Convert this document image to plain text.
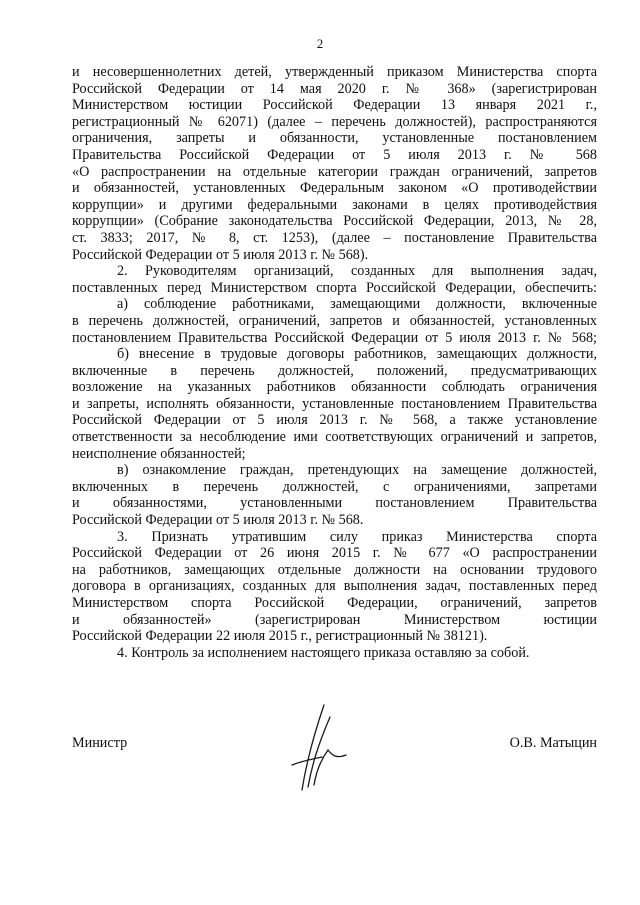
2
и несовершеннолетних детей, утвержденный приказом Министерства спорта
Российской Федерации от 14 мая 2020 г. № 368» (зарегистрирован
Министерством юстиции Российской Федерации 13 января 2021 г.,
регистрационный № 62071) (далее – перечень должностей), распространяются
ограничения, запреты и обязанности, установленные постановлением
Правительства Российской Федерации от 5 июля 2013 г. № 568
«О распространении на отдельные категории граждан ограничений, запретов
и обязанностей, установленных Федеральным законом «О противодействии
коррупции» и другими федеральными законами в целях противодействия
коррупции» (Собрание законодательства Российской Федерации, 2013, № 28,
ст. 3833; 2017, № 8, ст. 1253), (далее – постановление Правительства
Российской Федерации от 5 июля 2013 г. № 568).
2. Руководителям организаций, созданных для выполнения задач,
поставленных перед Министерством спорта Российской Федерации, обеспечить:
а) соблюдение работниками, замещающими должности, включенные
в перечень должностей, ограничений, запретов и обязанностей, установленных
постановлением Правительства Российской Федерации от 5 июля 2013 г. № 568;
б) внесение в трудовые договоры работников, замещающих должности,
включенные в перечень должностей, положений, предусматривающих
возложение на указанных работников обязанности соблюдать ограничения
и запреты, исполнять обязанности, установленные постановлением Правительства
Российской Федерации от 5 июля 2013 г. № 568, а также установление
ответственности за несоблюдение ими соответствующих ограничений и запретов,
неисполнение обязанностей;
в) ознакомление граждан, претендующих на замещение должностей,
включенных в перечень должностей, с ограничениями, запретами
и обязанностями, установленными постановлением Правительства
Российской Федерации от 5 июля 2013 г. № 568.
3. Признать утратившим силу приказ Министерства спорта
Российской Федерации от 26 июня 2015 г. № 677 «О распространении
на работников, замещающих отдельные должности на основании трудового
договора в организациях, созданных для выполнения задач, поставленных перед
Министерством спорта Российской Федерации, ограничений, запретов
и обязанностей» (зарегистрирован Министерством юстиции
Российской Федерации 22 июля 2015 г., регистрационный № 38121).
4. Контроль за исполнением настоящего приказа оставляю за собой.
Министр	О.В. Матыцин
